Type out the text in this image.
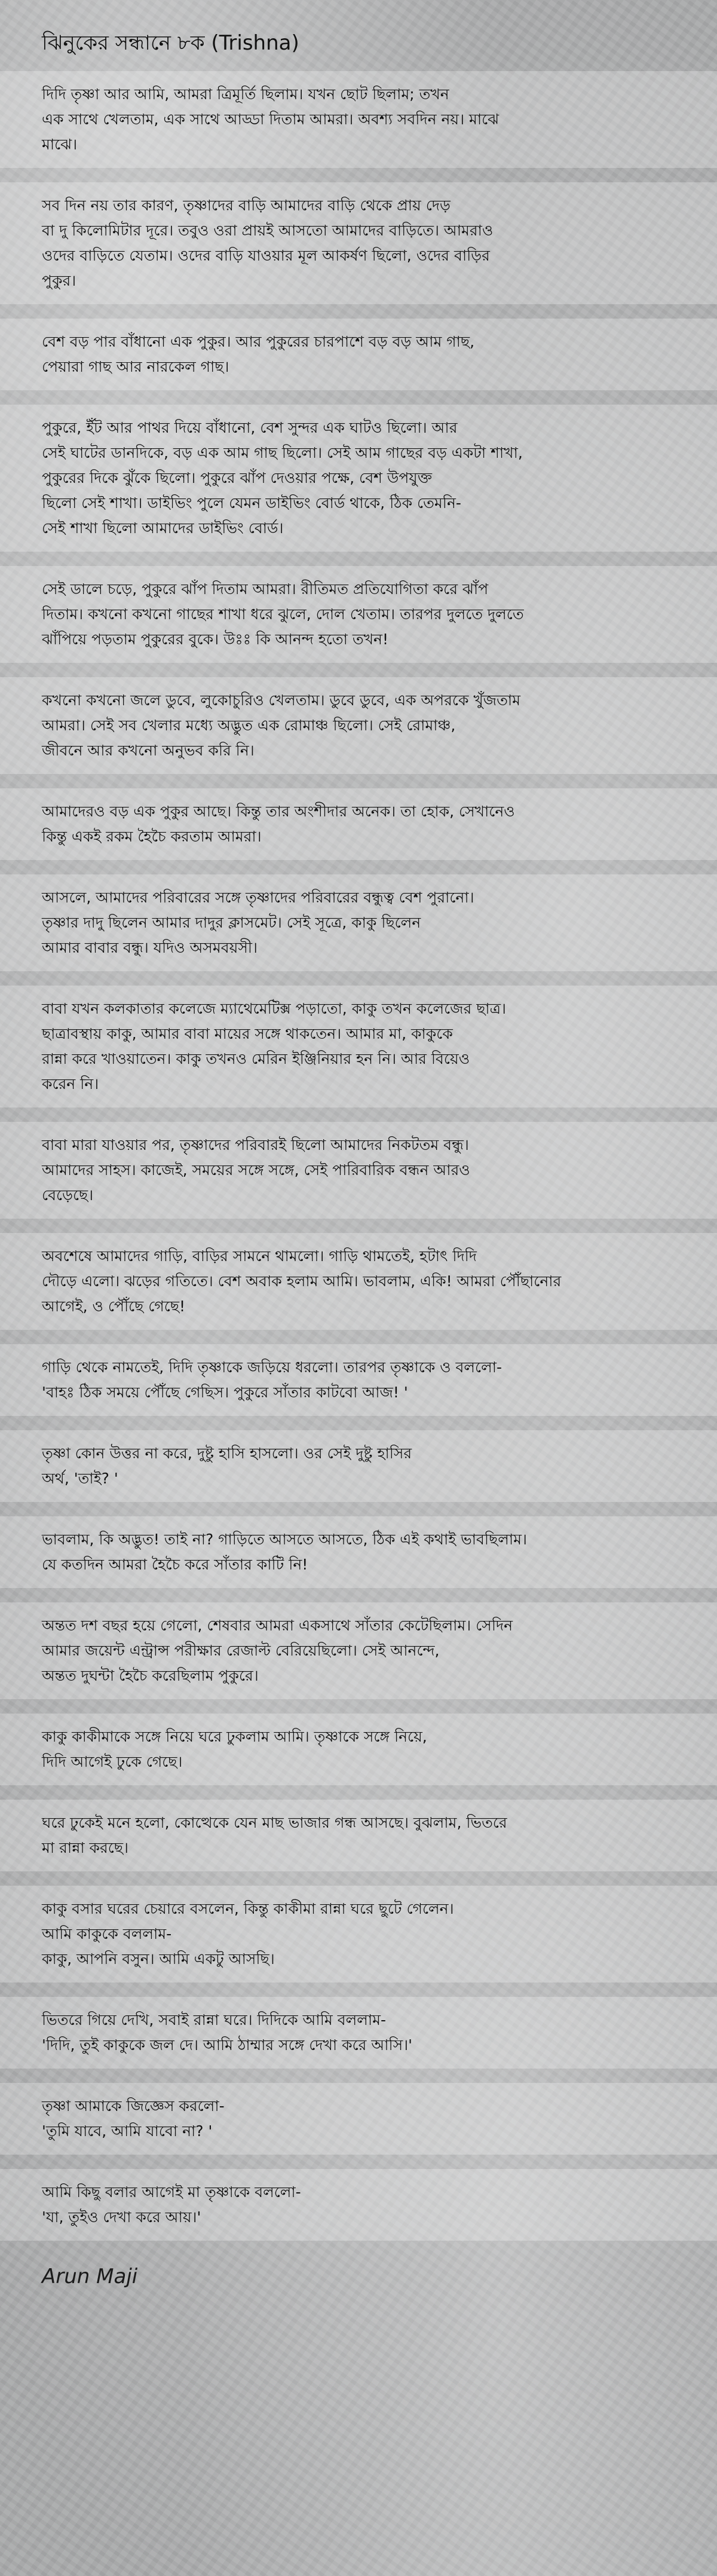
ঝিনুকের সন্ধানে ৮ক (Trishna)

দিদি তৃষ্ণা আর আমি, আমরা ত্রিমূর্তি ছিলাম। যখন ছোট ছিলাম; তখন
এক সাথে খেলতাম, এক সাথে আড্ডা দিতাম আমরা। অবশ্য সবদিন নয়। মাঝে
মাঝে।

সব দিন নয় তার কারণ, তৃষ্ণাদের বাড়ি আমাদের বাড়ি থেকে প্রায় দেড়
বা দু কিলোমিটার দূরে। তবুও ওরা প্রায়ই আসতো আমাদের বাড়িতে। আমরাও
ওদের বাড়িতে যেতাম। ওদের বাড়ি যাওয়ার মূল আকর্ষণ ছিলো, ওদের বাড়ির
পুকুর।

বেশ বড় পার বাঁধানো এক পুকুর। আর পুকুরের চারপাশে বড় বড় আম গাছ,
পেয়ারা গাছ আর নারকেল গাছ।

পুকুরে, ইঁট আর পাথর দিয়ে বাঁধানো, বেশ সুন্দর এক ঘাটও ছিলো। আর
সেই ঘাটের ডানদিকে, বড় এক আম গাছ ছিলো। সেই আম গাছের বড় একটা শাখা,
পুকুরের দিকে ঝুঁকে ছিলো। পুকুরে ঝাঁপ দেওয়ার পক্ষে, বেশ উপযুক্ত
ছিলো সেই শাখা। ডাইভিং পুলে যেমন ডাইভিং বোর্ড থাকে, ঠিক তেমনি-
সেই শাখা ছিলো আমাদের ডাইভিং বোর্ড।

সেই ডালে চড়ে, পুকুরে ঝাঁপ দিতাম আমরা। রীতিমত প্রতিযোগিতা করে ঝাঁপ
দিতাম। কখনো কখনো গাছের শাখা ধরে ঝুলে, দোল খেতাম। তারপর দুলতে দুলতে
ঝাঁপিয়ে পড়তাম পুকুরের বুকে। উঃঃ কি আনন্দ হতো তখন!

কখনো কখনো জলে ডুবে, লুকোচুরিও খেলতাম। ডুবে ডুবে, এক অপরকে খুঁজতাম
আমরা। সেই সব খেলার মধ্যে অদ্ভুত এক রোমাঞ্চ ছিলো। সেই রোমাঞ্চ,
জীবনে আর কখনো অনুভব করি নি।

আমাদেরও বড় এক পুকুর আছে। কিন্তু তার অংশীদার অনেক। তা হোক, সেখানেও
কিন্তু একই রকম হৈচৈ করতাম আমরা।

আসলে, আমাদের পরিবারের সঙ্গে তৃষ্ণাদের পরিবারের বন্ধুত্ব বেশ পুরানো।
তৃষ্ণার দাদু ছিলেন আমার দাদুর ক্লাসমেট। সেই সূত্রে, কাকু ছিলেন
আমার বাবার বন্ধু। যদিও অসমবয়সী।

বাবা যখন কলকাতার কলেজে ম্যাথেমেটিক্স পড়াতো, কাকু তখন কলেজের ছাত্র।
ছাত্রাবস্থায় কাকু, আমার বাবা মায়ের সঙ্গে থাকতেন। আমার মা, কাকুকে
রান্না করে খাওয়াতেন। কাকু তখনও মেরিন ইঞ্জিনিয়ার হন নি। আর বিয়েও
করেন নি।

বাবা মারা যাওয়ার পর, তৃষ্ণাদের পরিবারই ছিলো আমাদের নিকটতম বন্ধু।
আমাদের সাহস। কাজেই, সময়ের সঙ্গে সঙ্গে, সেই পারিবারিক বন্ধন আরও
বেড়েছে।

অবশেষে আমাদের গাড়ি, বাড়ির সামনে থামলো। গাড়ি থামতেই, হটাৎ দিদি
দৌড়ে এলো। ঝড়ের গতিতে। বেশ অবাক হলাম আমি। ভাবলাম, একি! আমরা পৌঁছানোর
আগেই, ও পৌঁছে গেছে!

গাড়ি থেকে নামতেই, দিদি তৃষ্ণাকে জড়িয়ে ধরলো। তারপর তৃষ্ণাকে ও বললো-
'বাহঃ ঠিক সময়ে পৌঁছে গেছিস। পুকুরে সাঁতার কাটবো আজ! '

তৃষ্ণা কোন উত্তর না করে, দুষ্টু হাসি হাসলো। ওর সেই দুষ্টু হাসির
অর্থ, 'তাই? '

ভাবলাম, কি অদ্ভুত! তাই না? গাড়িতে আসতে আসতে, ঠিক এই কথাই ভাবছিলাম।
যে কতদিন আমরা হৈচৈ করে সাঁতার কাটি নি!

অন্তত দশ বছর হয়ে গেলো, শেষবার আমরা একসাথে সাঁতার কেটেছিলাম। সেদিন
আমার জয়েন্ট এন্ট্রান্স পরীক্ষার রেজাল্ট বেরিয়েছিলো। সেই আনন্দে,
অন্তত দুঘন্টা হৈচৈ করেছিলাম পুকুরে।

কাকু কাকীমাকে সঙ্গে নিয়ে ঘরে ঢুকলাম আমি। তৃষ্ণাকে সঙ্গে নিয়ে,
দিদি আগেই ঢুকে গেছে।

ঘরে ঢুকেই মনে হলো, কোত্থেকে যেন মাছ ভাজার গন্ধ আসছে। বুঝলাম, ভিতরে
মা রান্না করছে।

কাকু বসার ঘরের চেয়ারে বসলেন, কিন্তু কাকীমা রান্না ঘরে ছুটে গেলেন।
আমি কাকুকে বললাম-
কাকু, আপনি বসুন। আমি একটু আসছি।

ভিতরে গিয়ে দেখি, সবাই রান্না ঘরে। দিদিকে আমি বললাম-
'দিদি, তুই কাকুকে জল দে। আমি ঠাম্মার সঙ্গে দেখা করে আসি।'

তৃষ্ণা আমাকে জিজ্ঞেস করলো-
'তুমি যাবে, আমি যাবো না? '

আমি কিছু বলার আগেই মা তৃষ্ণাকে বললো-
'যা, তুইও দেখা করে আয়।'

Arun Maji
